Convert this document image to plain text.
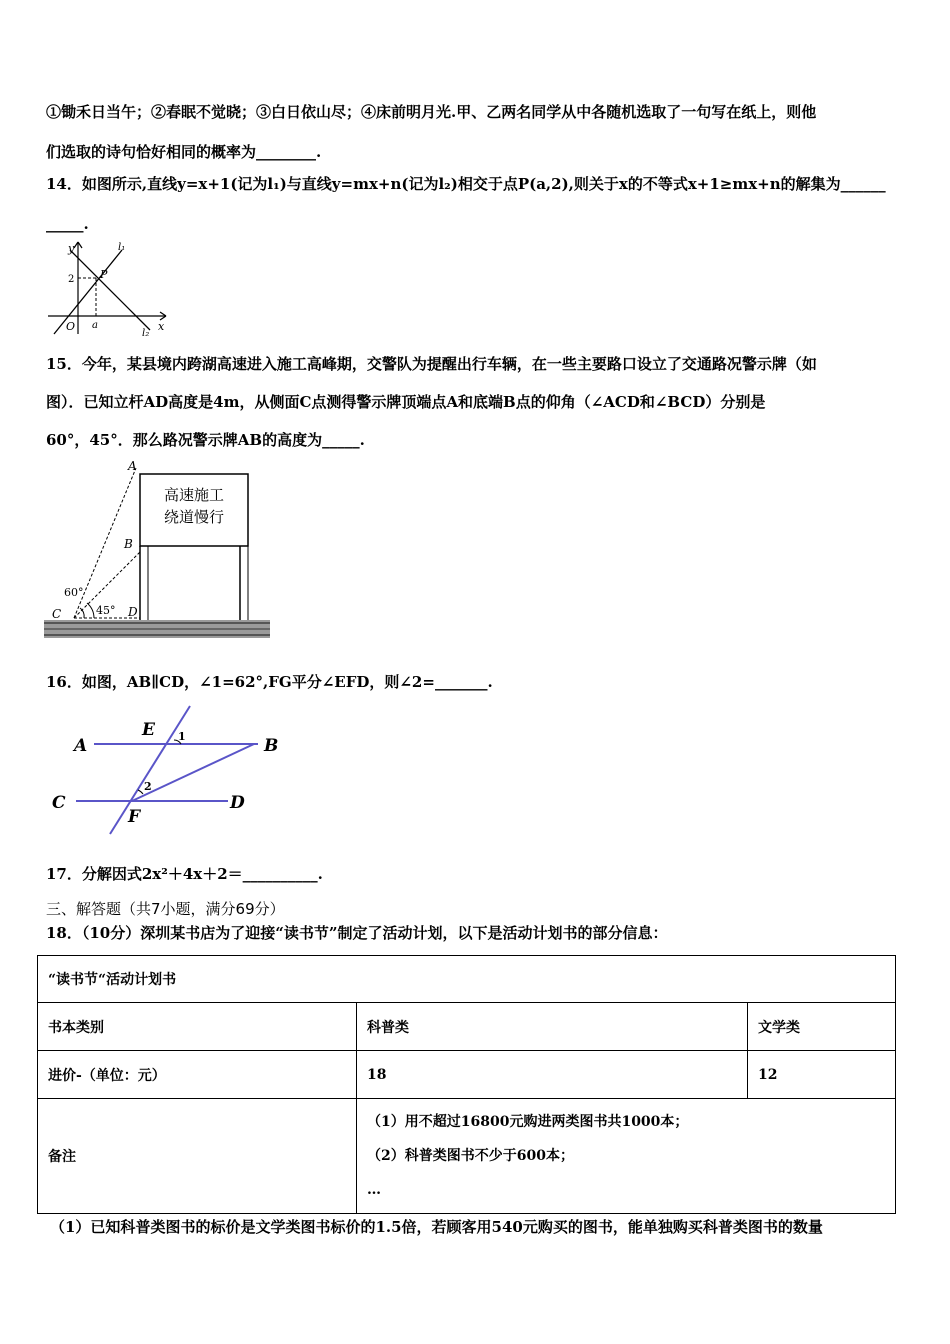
①锄禾日当午；②春眠不觉晓；③白日依山尽；④床前明月光.甲、乙两名同学从中各随机选取了一句写在纸上，则他
们选取的诗句恰好相同的概率为________.
14．如图所示,直线y=x+1(记为l₁)与直线y=mx+n(记为l₂)相交于点P(a,2),则关于x的不等式x+1≥mx+n的解集为______
_____.
y
x
O a
2 P
l₁
l₂
15．今年，某县境内跨湖高速进入施工高峰期，交警队为提醒出行车辆，在一些主要路口设立了交通路况警示牌（如
图）．已知立杆AD高度是4m，从侧面C点测得警示牌顶端点A和底端B点的仰角（∠ACD和∠BCD）分别是
60°，45°．那么路况警示牌AB的高度为_____.
高速施工
绕道慢行
A
B
C	D
60°
45°
16．如图，AB∥CD，∠1=62°,FG平分∠EFD，则∠2=_______.
A	B
C	D
E
F
1
2
17．分解因式2x²＋4x＋2＝__________.
三、解答题（共7小题，满分69分）
18．（10分）深圳某书店为了迎接“读书节”制定了活动计划，以下是活动计划书的部分信息：
“读书节“活动计划书		
书本类别	科普类	文学类
进价-（单位：元）	18	12
备注	（1）用不超过16800元购进两类图书共1000本；
（2）科普类图书不少于600本；
…	
（1）已知科普类图书的标价是文学类图书标价的1.5倍，若顾客用540元购买的图书，能单独购买科普类图书的数量
